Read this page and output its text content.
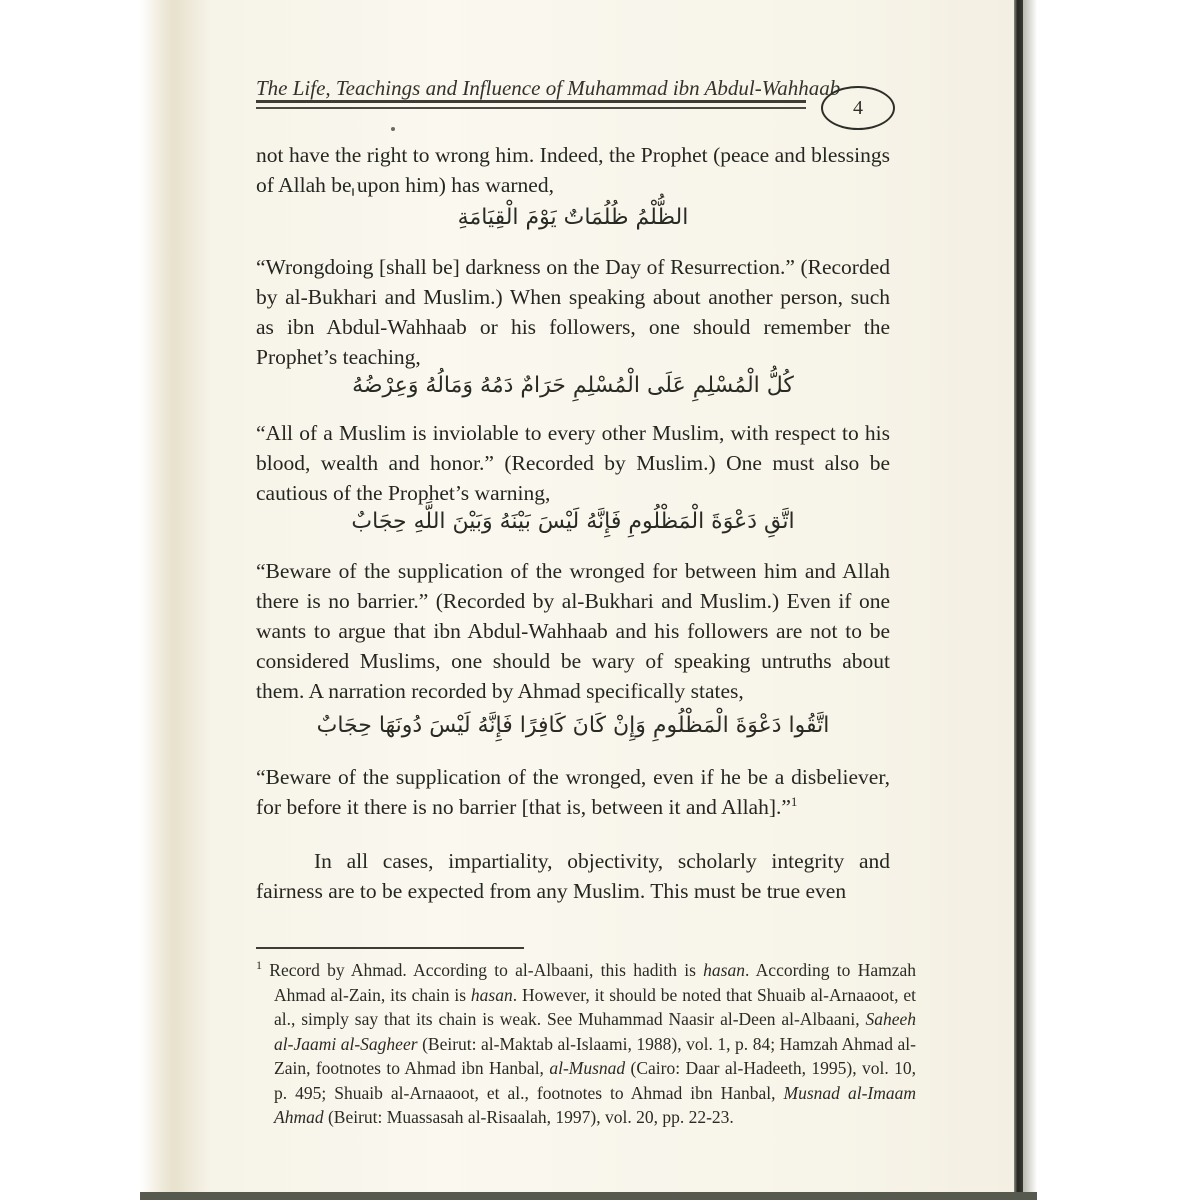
The Life, Teachings and Influence of Muhammad ibn Abdul-Wahhaab
4

not have the right to wrong him. Indeed, the Prophet (peace and blessings of Allah be upon him) has warned,

الظُّلْمُ ظُلُمَاتٌ يَوْمَ الْقِيَامَةِ

“Wrongdoing [shall be] darkness on the Day of Resurrection.” (Recorded by al-Bukhari and Muslim.) When speaking about another person, such as ibn Abdul-Wahhaab or his followers, one should remember the Prophet’s teaching,

كُلُّ الْمُسْلِمِ عَلَى الْمُسْلِمِ حَرَامٌ دَمُهُ وَمَالُهُ وَعِرْضُهُ

“All of a Muslim is inviolable to every other Muslim, with respect to his blood, wealth and honor.” (Recorded by Muslim.) One must also be cautious of the Prophet’s warning,

اتَّقِ دَعْوَةَ الْمَظْلُومِ فَإِنَّهُ لَيْسَ بَيْنَهُ وَبَيْنَ اللَّهِ حِجَابٌ

“Beware of the supplication of the wronged for between him and Allah there is no barrier.” (Recorded by al-Bukhari and Muslim.) Even if one wants to argue that ibn Abdul-Wahhaab and his followers are not to be considered Muslims, one should be wary of speaking untruths about them. A narration recorded by Ahmad specifically states,

اتَّقُوا دَعْوَةَ الْمَظْلُومِ وَإِنْ كَانَ كَافِرًا فَإِنَّهُ لَيْسَ دُونَهَا حِجَابٌ

“Beware of the supplication of the wronged, even if he be a disbeliever, for before it there is no barrier [that is, between it and Allah].”$^1$

In all cases, impartiality, objectivity, scholarly integrity and fairness are to be expected from any Muslim. This must be true even

$^1$ Record by Ahmad. According to al-Albaani, this hadith is hasan. According to Hamzah Ahmad al-Zain, its chain is hasan. However, it should be noted that Shuaib al-Arnaaoot, et al., simply say that its chain is weak. See Muhammad Naasir al-Deen al-Albaani, Saheeh al-Jaami al-Sagheer (Beirut: al-Maktab al-Islaami, 1988), vol. 1, p. 84; Hamzah Ahmad al-Zain, footnotes to Ahmad ibn Hanbal, al-Musnad (Cairo: Daar al-Hadeeth, 1995), vol. 10, p. 495; Shuaib al-Arnaaoot, et al., footnotes to Ahmad ibn Hanbal, Musnad al-Imaam Ahmad (Beirut: Muassasah al-Risaalah, 1997), vol. 20, pp. 22-23.
